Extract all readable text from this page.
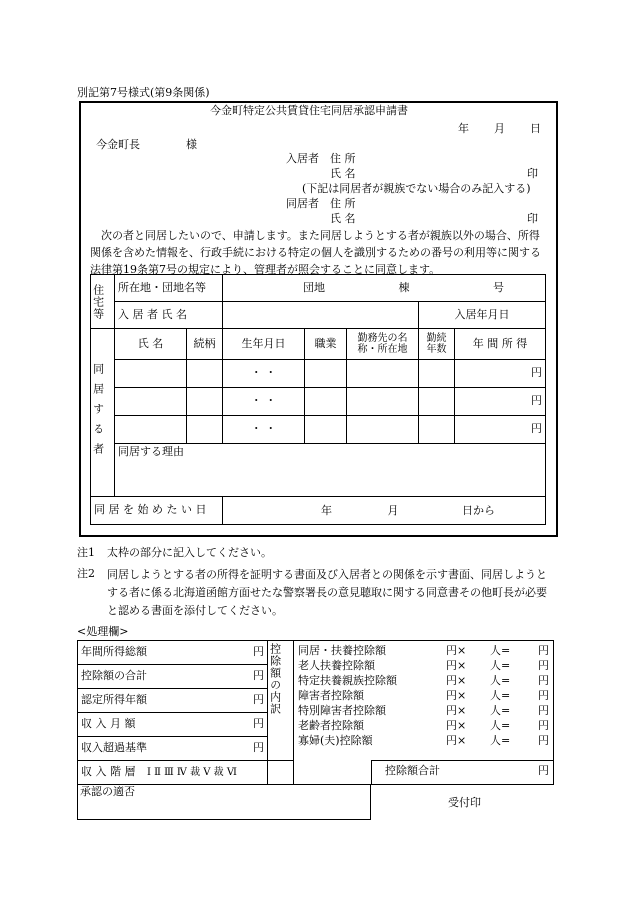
別記第7号様式(第9条関係)
今金町特定公共賃貸住宅同居承認申請書
年 月 日
今金町長	様
入居者 住 所
氏 名	印
(下記は同居者が親族でない場合のみ記入する)
同居者 住 所
氏 名	印
次の者と同居したいので、申請します。また同居しようとする者が親族以外の場合、所得関係を含めた情報を、行政手続における特定の個人を識別するための番号の利用等に関する法律第19条第7号の規定により、管理者が照会することに同意します。
住宅等	所在地・団地名等		団地 棟 号					
	入 居 者 氏 名					入居年月日	

同居する者	氏 名	続柄	生年月日	職業	勤務先の名称・所在地	勤続年数	年 間 所 得	
			・ ・				円	
			・ ・				円	
			・ ・				円	
	同居する理由							
同 居 を 始 め た い 日			年 月 日から					
注1 太枠の部分に記入してください。
注2 同居しようとする者の所得を証明する書面及び入居者との関係を示す書面、同居しようとする者に係る北海道函館方面せたな警察署長の意見聴取に関する同意書その他町長が必要と認める書面を添付してください。
<処理欄>
年間所得総額	円

控除額の合計	円

認定所得年額	円

収 入 月 額	円

収入超過基準	円

収 入 階 層 Ⅰ Ⅱ Ⅲ Ⅳ 裁 Ⅴ 裁 Ⅵ
控除額の内訳	同居・扶養控除額	円× 人=	円
老人扶養控除額	円× 人=	円
特定扶養親族控除額	円× 人=	円
障害者控除額	円× 人=	円
特別障害者控除額	円× 人=	円
老齢者控除額	円× 人=	円
寡婦(夫)控除額	円× 人=	円

控除額合計	円
承認の適否
受付印
